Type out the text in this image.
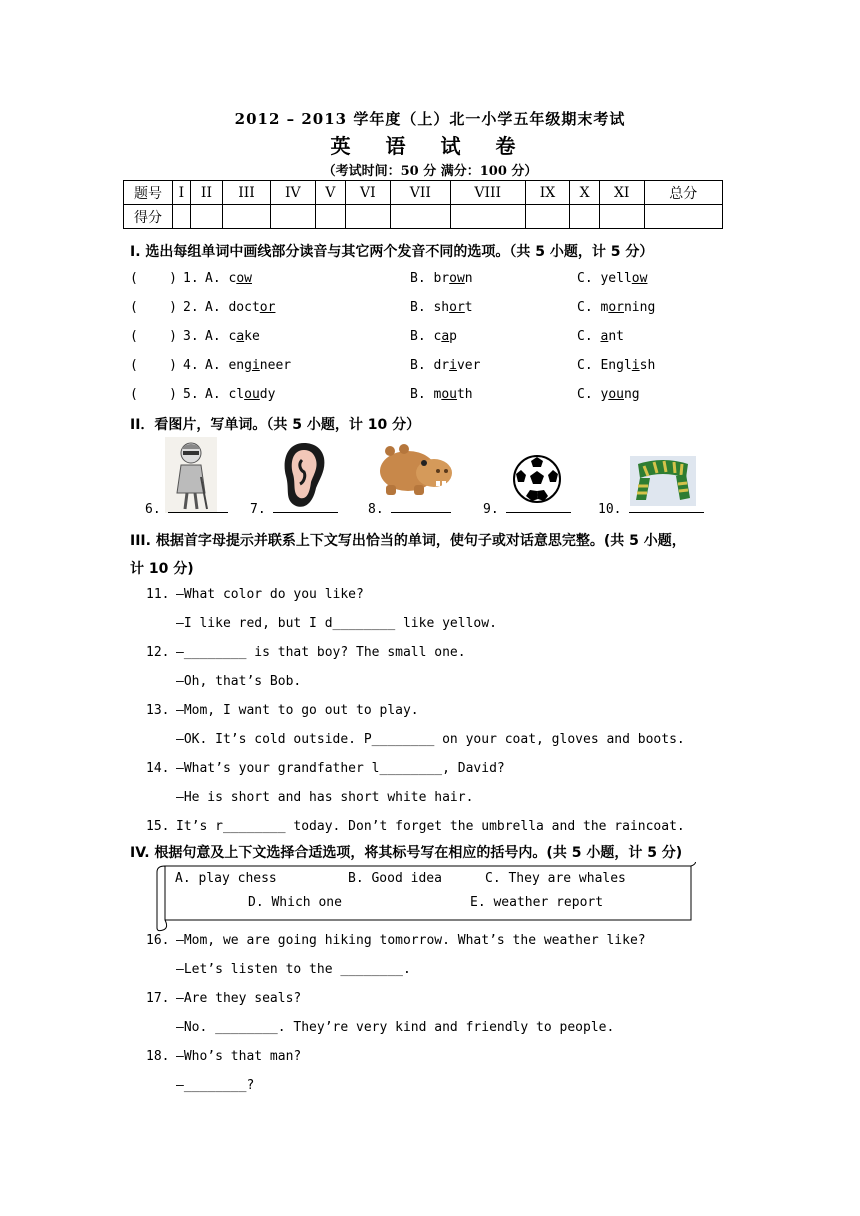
2012 – 2013 学年度（上）北一小学五年级期末考试
英 语 试 卷
（考试时间：50 分 满分：100 分）
题号	I	II	III	IV	V	VI	VII	VIII	IX	X	XI	总分
得分												
I. 选出每组单词中画线部分读音与其它两个发音不同的选项。（共 5 小题，计 5 分）
(    ) 1. A. cow	B. brown	C. yellow
(    ) 2. A. doctor	B. short	C. morning
(    ) 3. A. cake	B. cap	C. ant
(    ) 4. A. engineer	B. driver	C. English
(    ) 5. A. cloudy	B. mouth	C. young
II．看图片，写单词。（共 5 小题，计 10 分）
6.	7.	8.	9.	10.
III. 根据首字母提示并联系上下文写出恰当的单词，使句子或对话意思完整。(共 5 小题，
计 10 分)
11. —What color do you like?
—I like red, but I d________ like yellow.
12. —________ is that boy? The small one.
—Oh, that’s Bob.
13. —Mom, I want to go out to play.
—OK. It’s cold outside. P________ on your coat, gloves and boots.
14. —What’s your grandfather l________, David?
—He is short and has short white hair.
15. It’s r________ today. Don’t forget the umbrella and the raincoat.
IV. 根据句意及上下文选择合适选项，将其标号写在相应的括号内。(共 5 小题，计 5 分)
A. play chess	B. Good idea	C. They are whales
D. Which one	E. weather report
16. —Mom, we are going hiking tomorrow. What’s the weather like?
—Let’s listen to the ________.
17. —Are they seals?
—No. ________. They’re very kind and friendly to people.
18. —Who’s that man?
—________?
